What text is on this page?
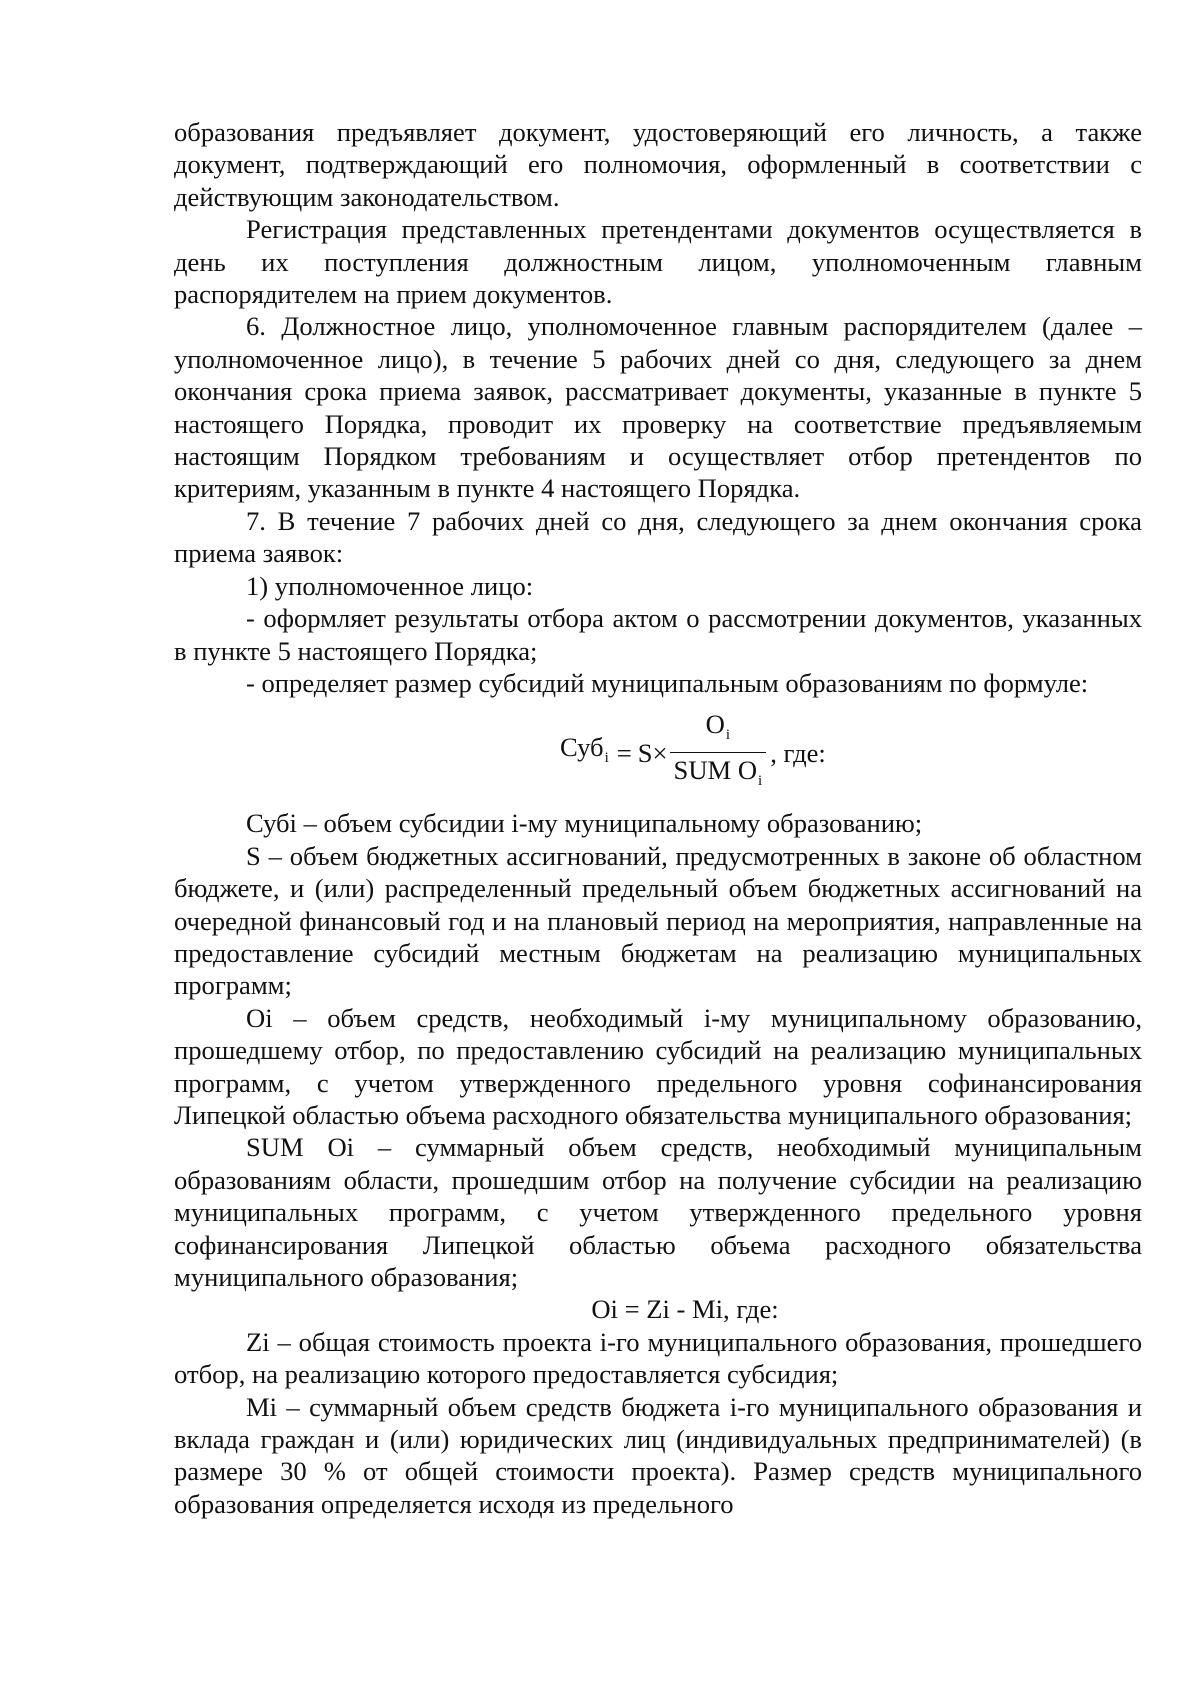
образования предъявляет документ, удостоверяющий его личность, а также документ, подтверждающий его полномочия, оформленный в соответствии с действующим законодательством.

Регистрация представленных претендентами документов осуществляется в день их поступления должностным лицом, уполномоченным главным распорядителем на прием документов.

6. Должностное лицо, уполномоченное главным распорядителем (далее – уполномоченное лицо), в течение 5 рабочих дней со дня, следующего за днем окончания срока приема заявок, рассматривает документы, указанные в пункте 5 настоящего Порядка, проводит их проверку на соответствие предъявляемым настоящим Порядком требованиям и осуществляет отбор претендентов по критериям, указанным в пункте 4 настоящего Порядка.

7. В течение 7 рабочих дней со дня, следующего за днем окончания срока приема заявок:

1) уполномоченное лицо:

- оформляет результаты отбора актом о рассмотрении документов, указанных в пункте 5 настоящего Порядка;

- определяет размер субсидий муниципальным образованиям по формуле:

$Суб_i = S\times \frac{O_i}{SUM O_i}$ , где:

Субi – объем субсидии i-му муниципальному образованию;

S – объем бюджетных ассигнований, предусмотренных в законе об областном бюджете, и (или) распределенный предельный объем бюджетных ассигнований на очередной финансовый год и на плановый период на мероприятия, направленные на предоставление субсидий местным бюджетам на реализацию муниципальных программ;

Oi – объем средств, необходимый i-му муниципальному образованию, прошедшему отбор, по предоставлению субсидий на реализацию муниципальных программ, с учетом утвержденного предельного уровня софинансирования Липецкой областью объема расходного обязательства муниципального образования;

SUM Oi – суммарный объем средств, необходимый муниципальным образованиям области, прошедшим отбор на получение субсидии на реализацию муниципальных программ, с учетом утвержденного предельного уровня софинансирования Липецкой областью объема расходного обязательства муниципального образования;

Oi = Zi - Mi, где:

Zi – общая стоимость проекта i-го муниципального образования, прошедшего отбор, на реализацию которого предоставляется субсидия;

Mi – суммарный объем средств бюджета i-го муниципального образования и вклада граждан и (или) юридических лиц (индивидуальных предпринимателей) (в размере 30 % от общей стоимости проекта). Размер средств муниципального образования определяется исходя из предельного
